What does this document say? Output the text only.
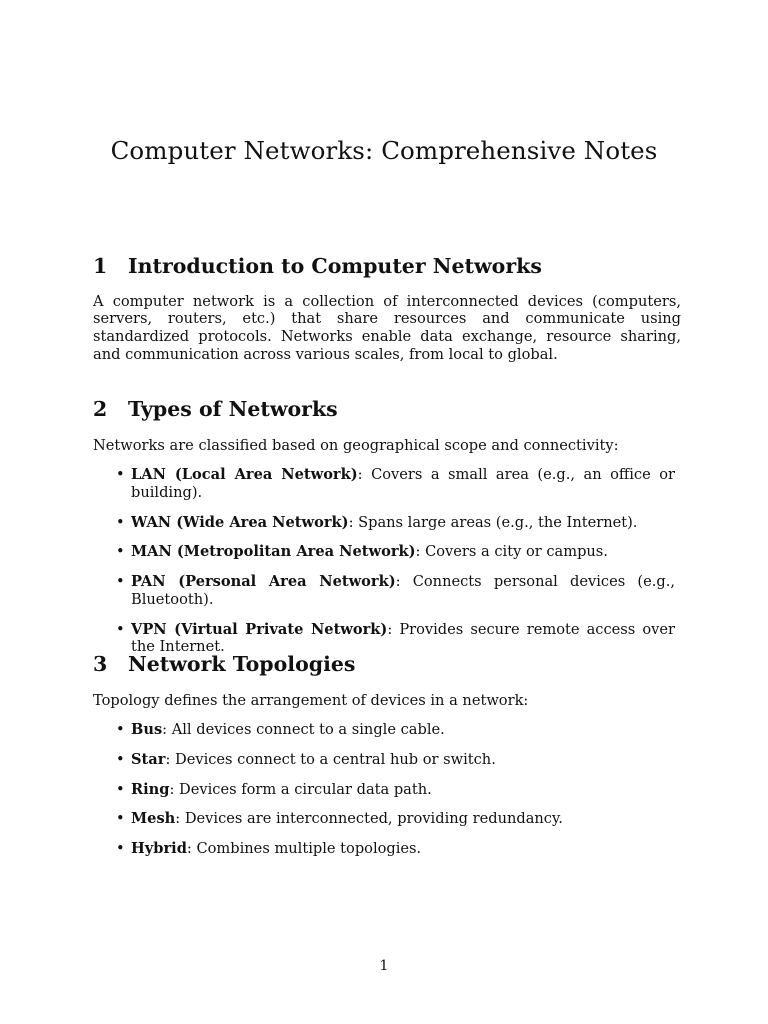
Computer Networks: Comprehensive Notes
1 Introduction to Computer Networks

A computer network is a collection of interconnected devices (computers, servers, routers, etc.) that share resources and communicate using standardized protocols. Networks enable data exchange, resource sharing, and communication across various scales, from local to global.

2 Types of Networks

Networks are classified based on geographical scope and connectivity:

• LAN (Local Area Network): Covers a small area (e.g., an office or building).
• WAN (Wide Area Network): Spans large areas (e.g., the Internet).
• MAN (Metropolitan Area Network): Covers a city or campus.
• PAN (Personal Area Network): Connects personal devices (e.g., Bluetooth).
• VPN (Virtual Private Network): Provides secure remote access over the Internet.
3 Network Topologies

Topology defines the arrangement of devices in a network:

• Bus: All devices connect to a single cable.
• Star: Devices connect to a central hub or switch.
• Ring: Devices form a circular data path.
• Mesh: Devices are interconnected, providing redundancy.
• Hybrid: Combines multiple topologies.
1
